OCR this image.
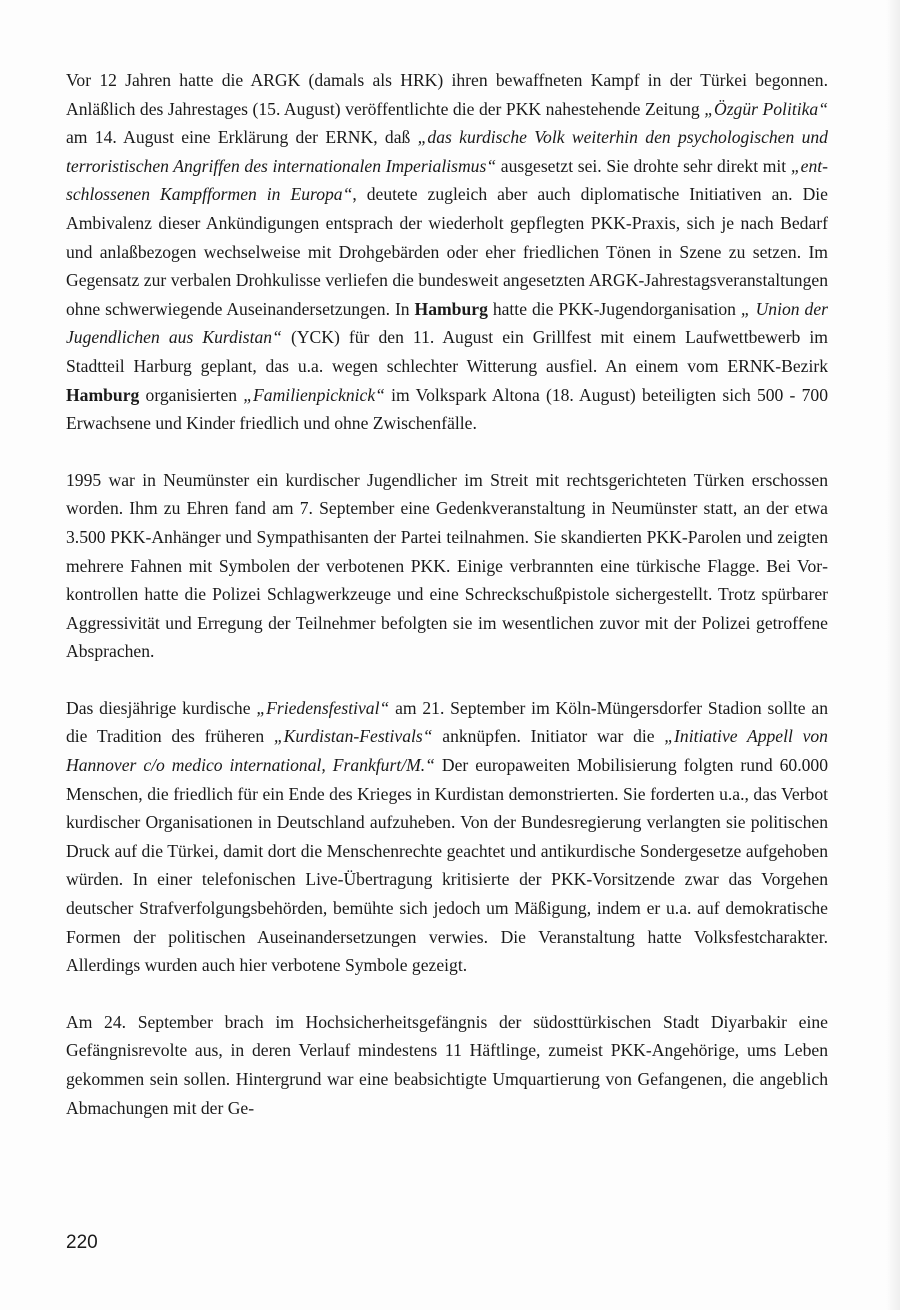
Vor 12 Jahren hatte die ARGK (damals als HRK) ihren bewaffneten Kampf in der Türkei begonnen. Anläßlich des Jahrestages (15. August) veröffentlichte die der PKK nahestehende Zeitung „Özgür Politika“ am 14. August eine Erklärung der ERNK, daß „das kurdische Volk weiterhin den psychologischen und terroristischen Angriffen des internationalen Imperialismus“ ausgesetzt sei. Sie drohte sehr direkt mit „entschlossenen Kampfformen in Europa“, deutete zugleich aber auch diplomatische Initiativen an. Die Ambivalenz dieser Ankündigungen entsprach der wiederholt gepflegten PKK-Praxis, sich je nach Bedarf und anlaßbezogen wechselweise mit Drohgebärden oder eher friedlichen Tönen in Szene zu setzen. Im Gegensatz zur verbalen Drohkulisse verliefen die bundesweit angesetzten ARGK-Jahrestagsveranstaltungen ohne schwerwiegende Auseinandersetzungen. In Hamburg hatte die PKK-Jugendorganisation „ Union der Jugendlichen aus Kurdistan“ (YCK) für den 11. August ein Grillfest mit einem Laufwettbewerb im Stadtteil Harburg geplant, das u.a. wegen schlechter Witterung ausfiel. An einem vom ERNK-Bezirk Hamburg organisierten „Familienpicknick“ im Volkspark Altona (18. August) beteiligten sich 500 - 700 Erwachsene und Kinder friedlich und ohne Zwischenfälle.

1995 war in Neumünster ein kurdischer Jugendlicher im Streit mit rechtsgerichteten Türken erschossen worden. Ihm zu Ehren fand am 7. September eine Gedenkveranstaltung in Neumünster statt, an der etwa 3.500 PKK-Anhänger und Sympathisanten der Partei teilnahmen. Sie skandierten PKK-Parolen und zeigten mehrere Fahnen mit Symbolen der verbotenen PKK. Einige verbrannten eine türkische Flagge. Bei Vorkontrollen hatte die Polizei Schlagwerkzeuge und eine Schreckschußpistole sichergestellt. Trotz spürbarer Aggressivität und Erregung der Teilnehmer befolgten sie im wesentlichen zuvor mit der Polizei getroffene Absprachen.

Das diesjährige kurdische „Friedensfestival“ am 21. September im Köln-Müngersdorfer Stadion sollte an die Tradition des früheren „Kurdistan-Festivals“ anknüpfen. Initiator war die „Initiative Appell von Hannover c/o medico international, Frankfurt/M.“ Der europaweiten Mobilisierung folgten rund 60.000 Menschen, die friedlich für ein Ende des Krieges in Kurdistan demonstrierten. Sie forderten u.a., das Verbot kurdischer Organisationen in Deutschland aufzuheben. Von der Bundesregierung verlangten sie politischen Druck auf die Türkei, damit dort die Menschenrechte geachtet und antikurdische Sondergesetze aufgehoben würden. In einer telefonischen Live-Übertragung kritisierte der PKK-Vorsitzende zwar das Vorgehen deutscher Strafverfolgungsbehörden, bemühte sich jedoch um Mäßigung, indem er u.a. auf demokratische Formen der politischen Auseinandersetzungen verwies. Die Veranstaltung hatte Volksfestcharakter. Allerdings wurden auch hier verbotene Symbole gezeigt.

Am 24. September brach im Hochsicherheitsgefängnis der südosttürkischen Stadt Diyarbakir eine Gefängnisrevolte aus, in deren Verlauf mindestens 11 Häftlinge, zumeist PKK-Angehörige, ums Leben gekommen sein sollen. Hintergrund war eine beabsichtigte Umquartierung von Gefangenen, die angeblich Abmachungen mit der Ge-

220
